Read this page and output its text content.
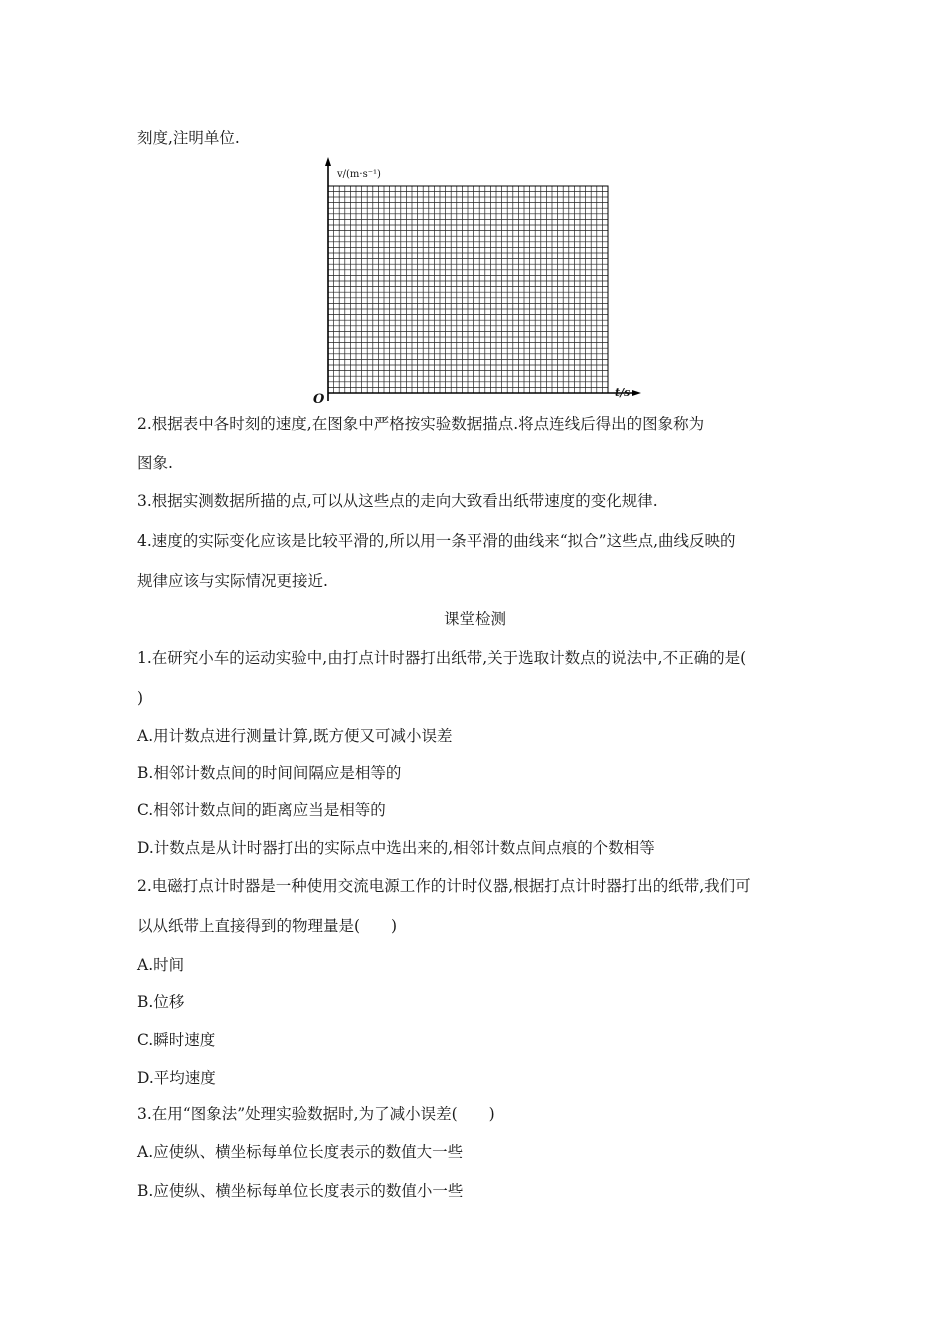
刻度,注明单位.
v/(m·s⁻¹)
t/s
O
2.根据表中各时刻的速度,在图象中严格按实验数据描点.将点连线后得出的图象称为
图象.
3.根据实测数据所描的点,可以从这些点的走向大致看出纸带速度的变化规律.
4.速度的实际变化应该是比较平滑的,所以用一条平滑的曲线来“拟合”这些点,曲线反映的
规律应该与实际情况更接近.
课堂检测
1.在研究小车的运动实验中,由打点计时器打出纸带,关于选取计数点的说法中,不正确的是(
)
A.用计数点进行测量计算,既方便又可减小误差
B.相邻计数点间的时间间隔应是相等的
C.相邻计数点间的距离应当是相等的
D.计数点是从计时器打出的实际点中选出来的,相邻计数点间点痕的个数相等
2.电磁打点计时器是一种使用交流电源工作的计时仪器,根据打点计时器打出的纸带,我们可
以从纸带上直接得到的物理量是(　　)
A.时间
B.位移
C.瞬时速度
D.平均速度
3.在用“图象法”处理实验数据时,为了减小误差(　　)
A.应使纵、横坐标每单位长度表示的数值大一些
B.应使纵、横坐标每单位长度表示的数值小一些
